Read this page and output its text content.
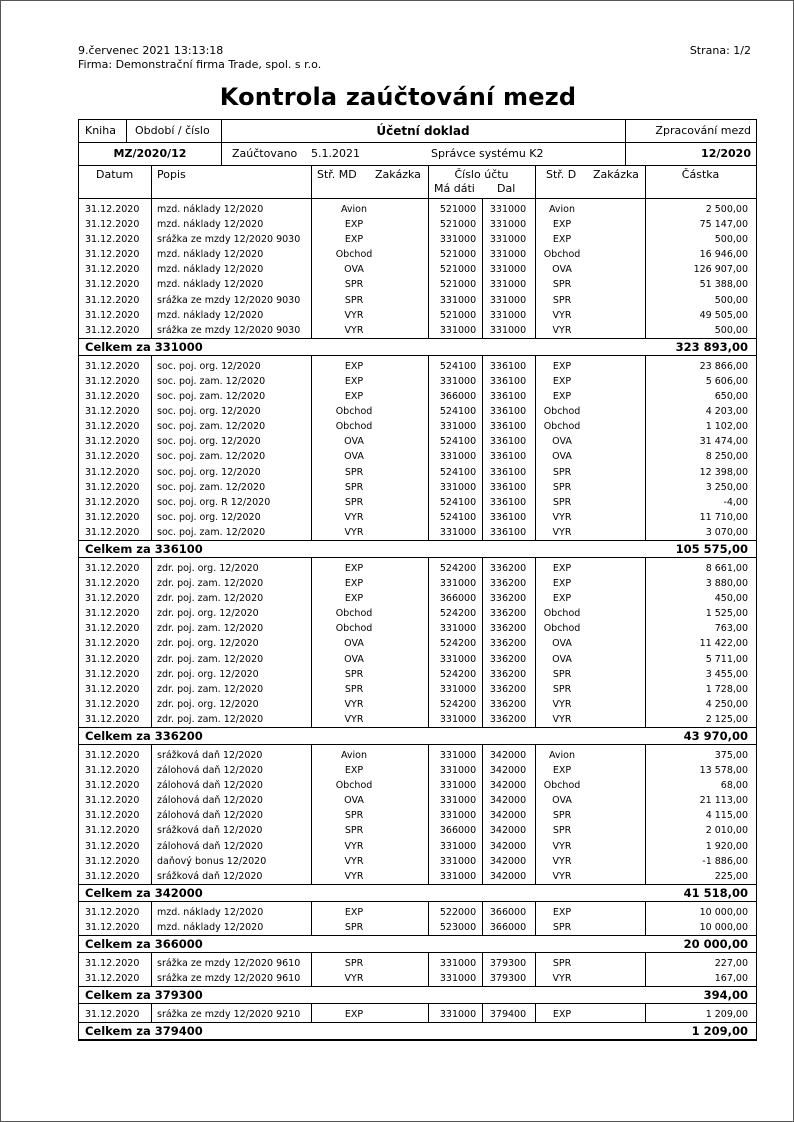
9.červenec 2021 13:13:18
Firma: Demonstrační firma Trade, spol. s r.o.
Strana: 1/2
Kontrola zaúčtování mezd
Kniha Období / číslo	Účetní doklad	Zpracování mezd
MZ/2020/12	Zaúčtovano 5.1.2021	Správce systému K2	12/2020
Datum Popis	Stř. MD Zakázka	Číslo účtu
Má dáti Dal
Stř. D Zakázka	Částka
31.12.2020 mzd. náklady 12/2020	Avion	521000	331000	Avion	2 500,00
31.12.2020 mzd. náklady 12/2020	EXP	521000	331000	EXP	75 147,00
31.12.2020 srážka ze mzdy 12/2020 9030	EXP	331000	331000	EXP	500,00
31.12.2020 mzd. náklady 12/2020	Obchod	521000	331000	Obchod	16 946,00
31.12.2020 mzd. náklady 12/2020	OVA	521000	331000	OVA	126 907,00
31.12.2020 mzd. náklady 12/2020	SPR	521000	331000	SPR	51 388,00
31.12.2020 srážka ze mzdy 12/2020 9030	SPR	331000	331000	SPR	500,00
31.12.2020 mzd. náklady 12/2020	VYR	521000	331000	VYR	49 505,00
31.12.2020 srážka ze mzdy 12/2020 9030	VYR	331000	331000	VYR	500,00
Celkem za 331000	323 893,00
31.12.2020 soc. poj. org. 12/2020	EXP	524100	336100	EXP	23 866,00
31.12.2020 soc. poj. zam. 12/2020	EXP	331000	336100	EXP	5 606,00
31.12.2020 soc. poj. zam. 12/2020	EXP	366000	336100	EXP	650,00
31.12.2020 soc. poj. org. 12/2020	Obchod	524100	336100	Obchod	4 203,00
31.12.2020 soc. poj. zam. 12/2020	Obchod	331000	336100	Obchod	1 102,00
31.12.2020 soc. poj. org. 12/2020	OVA	524100	336100	OVA	31 474,00
31.12.2020 soc. poj. zam. 12/2020	OVA	331000	336100	OVA	8 250,00
31.12.2020 soc. poj. org. 12/2020	SPR	524100	336100	SPR	12 398,00
31.12.2020 soc. poj. zam. 12/2020	SPR	331000	336100	SPR	3 250,00
31.12.2020 soc. poj. org. R 12/2020	SPR	524100	336100	SPR	-4,00
31.12.2020 soc. poj. org. 12/2020	VYR	524100	336100	VYR	11 710,00
31.12.2020 soc. poj. zam. 12/2020	VYR	331000	336100	VYR	3 070,00
Celkem za 336100	105 575,00
31.12.2020 zdr. poj. org. 12/2020	EXP	524200	336200	EXP	8 661,00
31.12.2020 zdr. poj. zam. 12/2020	EXP	331000	336200	EXP	3 880,00
31.12.2020 zdr. poj. zam. 12/2020	EXP	366000	336200	EXP	450,00
31.12.2020 zdr. poj. org. 12/2020	Obchod	524200	336200	Obchod	1 525,00
31.12.2020 zdr. poj. zam. 12/2020	Obchod	331000	336200	Obchod	763,00
31.12.2020 zdr. poj. org. 12/2020	OVA	524200	336200	OVA	11 422,00
31.12.2020 zdr. poj. zam. 12/2020	OVA	331000	336200	OVA	5 711,00
31.12.2020 zdr. poj. org. 12/2020	SPR	524200	336200	SPR	3 455,00
31.12.2020 zdr. poj. zam. 12/2020	SPR	331000	336200	SPR	1 728,00
31.12.2020 zdr. poj. org. 12/2020	VYR	524200	336200	VYR	4 250,00
31.12.2020 zdr. poj. zam. 12/2020	VYR	331000	336200	VYR	2 125,00
Celkem za 336200	43 970,00
31.12.2020 srážková daň 12/2020	Avion	331000	342000	Avion	375,00
31.12.2020 zálohová daň 12/2020	EXP	331000	342000	EXP	13 578,00
31.12.2020 zálohová daň 12/2020	Obchod	331000	342000	Obchod	68,00
31.12.2020 zálohová daň 12/2020	OVA	331000	342000	OVA	21 113,00
31.12.2020 zálohová daň 12/2020	SPR	331000	342000	SPR	4 115,00
31.12.2020 srážková daň 12/2020	SPR	366000	342000	SPR	2 010,00
31.12.2020 zálohová daň 12/2020	VYR	331000	342000	VYR	1 920,00
31.12.2020 daňový bonus 12/2020	VYR	331000	342000	VYR	-1 886,00
31.12.2020 srážková daň 12/2020	VYR	331000	342000	VYR	225,00
Celkem za 342000	41 518,00
31.12.2020 mzd. náklady 12/2020	EXP	522000	366000	EXP	10 000,00
31.12.2020 mzd. náklady 12/2020	SPR	523000	366000	SPR	10 000,00
Celkem za 366000	20 000,00
31.12.2020 srážka ze mzdy 12/2020 9610	SPR	331000	379300	SPR	227,00
31.12.2020 srážka ze mzdy 12/2020 9610	VYR	331000	379300	VYR	167,00
Celkem za 379300	394,00
31.12.2020 srážka ze mzdy 12/2020 9210	EXP	331000	379400	EXP	1 209,00
Celkem za 379400	1 209,00
